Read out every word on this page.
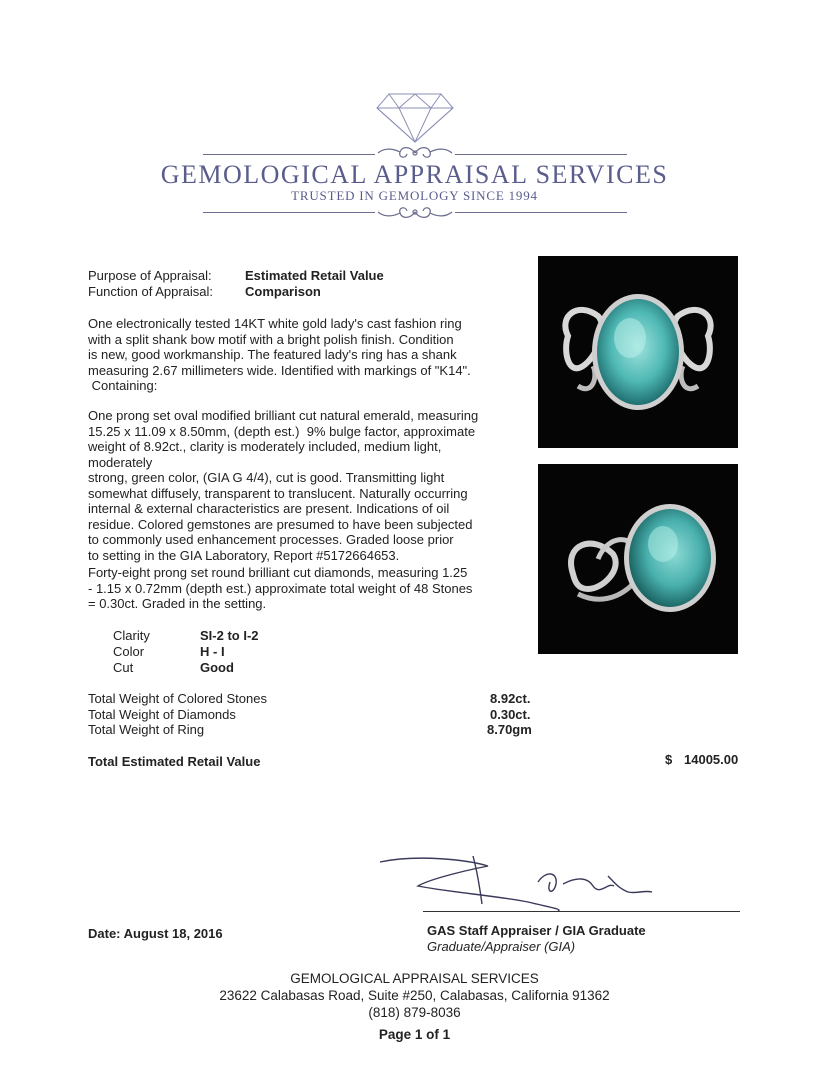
GEMOLOGICAL APPRAISAL SERVICES
TRUSTED IN GEMOLOGY SINCE 1994
Purpose of Appraisal:	Estimated Retail Value
Function of Appraisal: Comparison
One electronically tested 14KT white gold lady's cast fashion ring
with a split shank bow motif with a bright polish finish. Condition
is new, good workmanship. The featured lady's ring has a shank
measuring 2.67 millimeters wide. Identified with markings of "K14".
Containing:
One prong set oval modified brilliant cut natural emerald, measuring
15.25 x 11.09 x 8.50mm, (depth est.)  9% bulge factor, approximate
weight of 8.92ct., clarity is moderately included, medium light, moderately
strong, green color, (GIA G 4/4), cut is good. Transmitting light
somewhat diffusely, transparent to translucent. Naturally occurring
internal & external characteristics are present. Indications of oil
residue. Colored gemstones are presumed to have been subjected
to commonly used enhancement processes. Graded loose prior
to setting in the GIA Laboratory, Report #5172664653.
Forty-eight prong set round brilliant cut diamonds, measuring 1.25
- 1.15 x 0.72mm (depth est.) approximate total weight of 48 Stones
= 0.30ct. Graded in the setting.
Clarity	SI-2 to I-2
Color	H - I
Cut	Good
Total Weight of Colored Stones	8.92ct.
Total Weight of Diamonds	0.30ct.
Total Weight of Ring	8.70gm
Total Estimated Retail Value	$ 14005.00
Date: August 18, 2016	GAS Staff Appraiser / GIA Graduate
Graduate/Appraiser (GIA)
GEMOLOGICAL APPRAISAL SERVICES
23622 Calabasas Road, Suite #250, Calabasas, California 91362
(818) 879-8036
Page 1 of 1
